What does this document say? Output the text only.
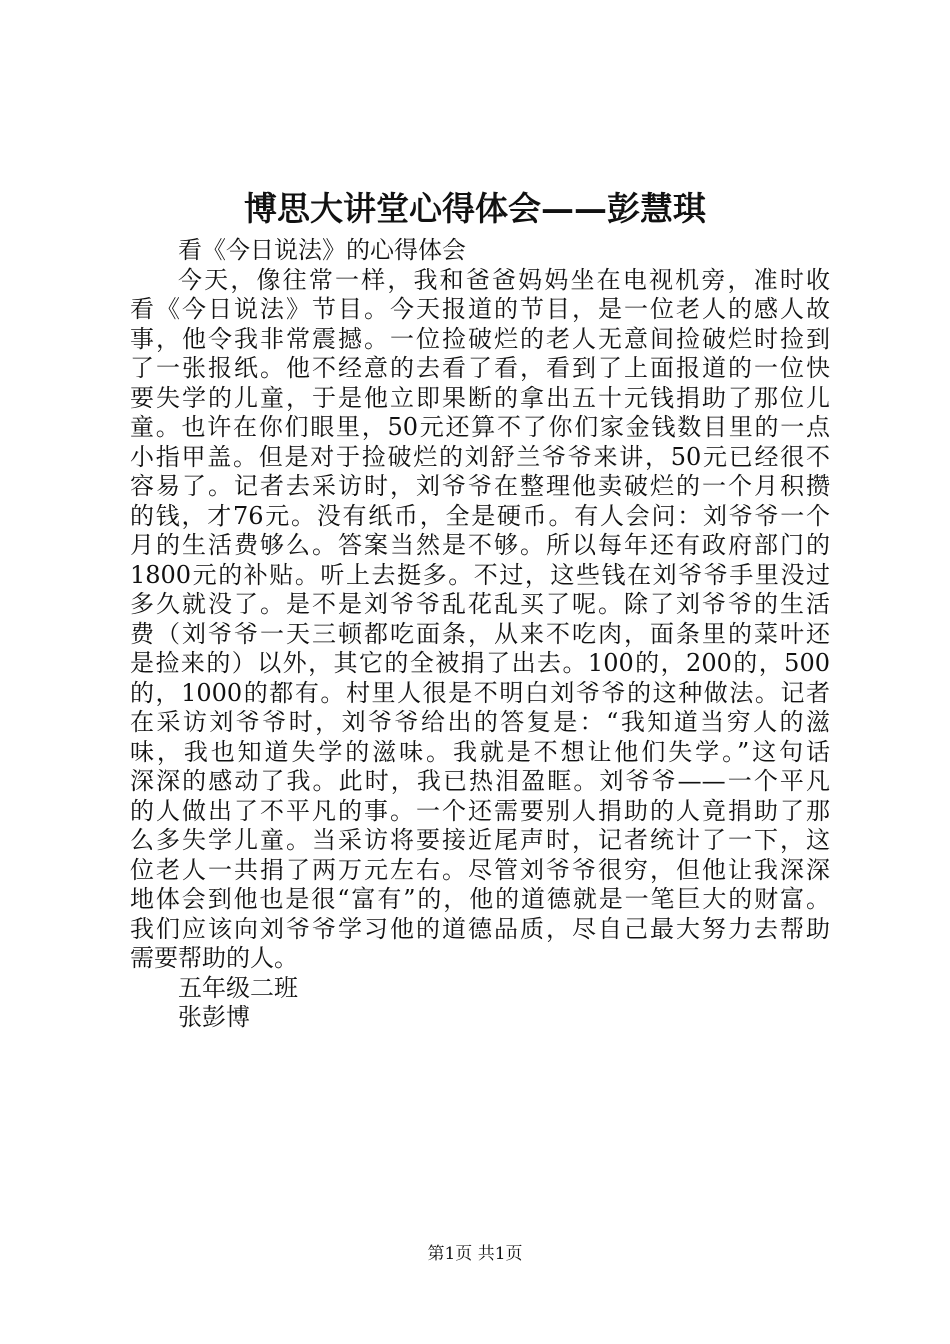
博思大讲堂心得体会——彭慧琪
看《今日说法》的心得体会
今天，像往常一样，我和爸爸妈妈坐在电视机旁，准时收
看《今日说法》节目。今天报道的节目，是一位老人的感人故
事，他令我非常震撼。一位捡破烂的老人无意间捡破烂时捡到
了一张报纸。他不经意的去看了看，看到了上面报道的一位快
要失学的儿童，于是他立即果断的拿出五十元钱捐助了那位儿
童。也许在你们眼里，50元还算不了你们家金钱数目里的一点
小指甲盖。但是对于捡破烂的刘舒兰爷爷来讲，50元已经很不
容易了。记者去采访时，刘爷爷在整理他卖破烂的一个月积攒
的钱，才76元。没有纸币，全是硬币。有人会问：刘爷爷一个
月的生活费够么。答案当然是不够。所以每年还有政府部门的
1800元的补贴。听上去挺多。不过，这些钱在刘爷爷手里没过
多久就没了。是不是刘爷爷乱花乱买了呢。除了刘爷爷的生活
费（刘爷爷一天三顿都吃面条，从来不吃肉，面条里的菜叶还
是捡来的）以外，其它的全被捐了出去。100的，200的，500
的，1000的都有。村里人很是不明白刘爷爷的这种做法。记者
在采访刘爷爷时，刘爷爷给出的答复是：“我知道当穷人的滋
味，我也知道失学的滋味。我就是不想让他们失学。”这句话
深深的感动了我。此时，我已热泪盈眶。刘爷爷——一个平凡
的人做出了不平凡的事。一个还需要别人捐助的人竟捐助了那
么多失学儿童。当采访将要接近尾声时，记者统计了一下，这
位老人一共捐了两万元左右。尽管刘爷爷很穷，但他让我深深
地体会到他也是很“富有”的，他的道德就是一笔巨大的财富。
我们应该向刘爷爷学习他的道德品质，尽自己最大努力去帮助
需要帮助的人。
五年级二班
张彭博
第1页 共1页
